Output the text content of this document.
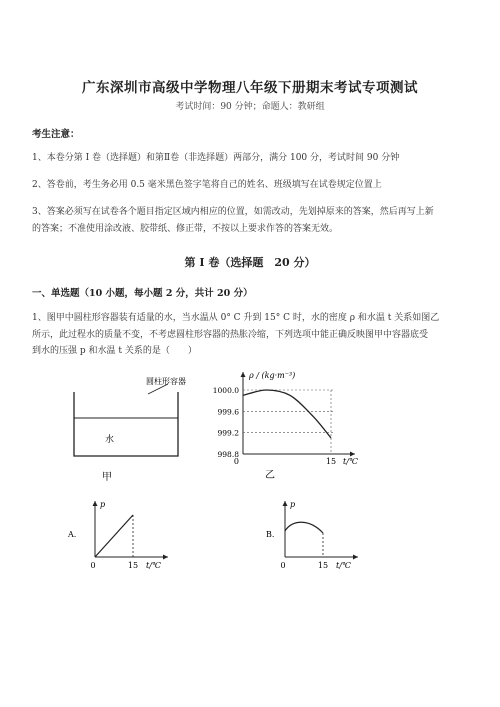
广东深圳市高级中学物理八年级下册期末考试专项测试
考试时间：90 分钟；命题人：教研组
考生注意：
1、本卷分第 I 卷（选择题）和第Ⅱ卷（非选择题）两部分，满分 100 分，考试时间 90 分钟
2、答卷前，考生务必用 0.5 毫米黑色签字笔将自己的姓名、班级填写在试卷规定位置上
3、答案必须写在试卷各个题目指定区域内相应的位置，如需改动，先划掉原来的答案，然后再写上新
的答案；不准使用涂改液、胶带纸、修正带，不按以上要求作答的答案无效。
第 I 卷（选择题　20 分）
一、单选题（10 小题，每小题 2 分，共计 20 分）
1、图甲中圆柱形容器装有适量的水，当水温从 0° C 升到 15° C 时，水的密度 ρ 和水温 t 关系如图乙
所示，此过程水的质量不变，不考虑圆柱形容器的热胀冷缩，下列选项中能正确反映图甲中容器底受
到水的压强 p 和水温 t 关系的是（　　）
圆柱形容器
水
甲
998.8
999.2
999.6
1000.0
ρ / (kg·m⁻³)
0	15 t/℃
乙
A.
p
0	15 t/℃
B.
p
0	15 t/℃
